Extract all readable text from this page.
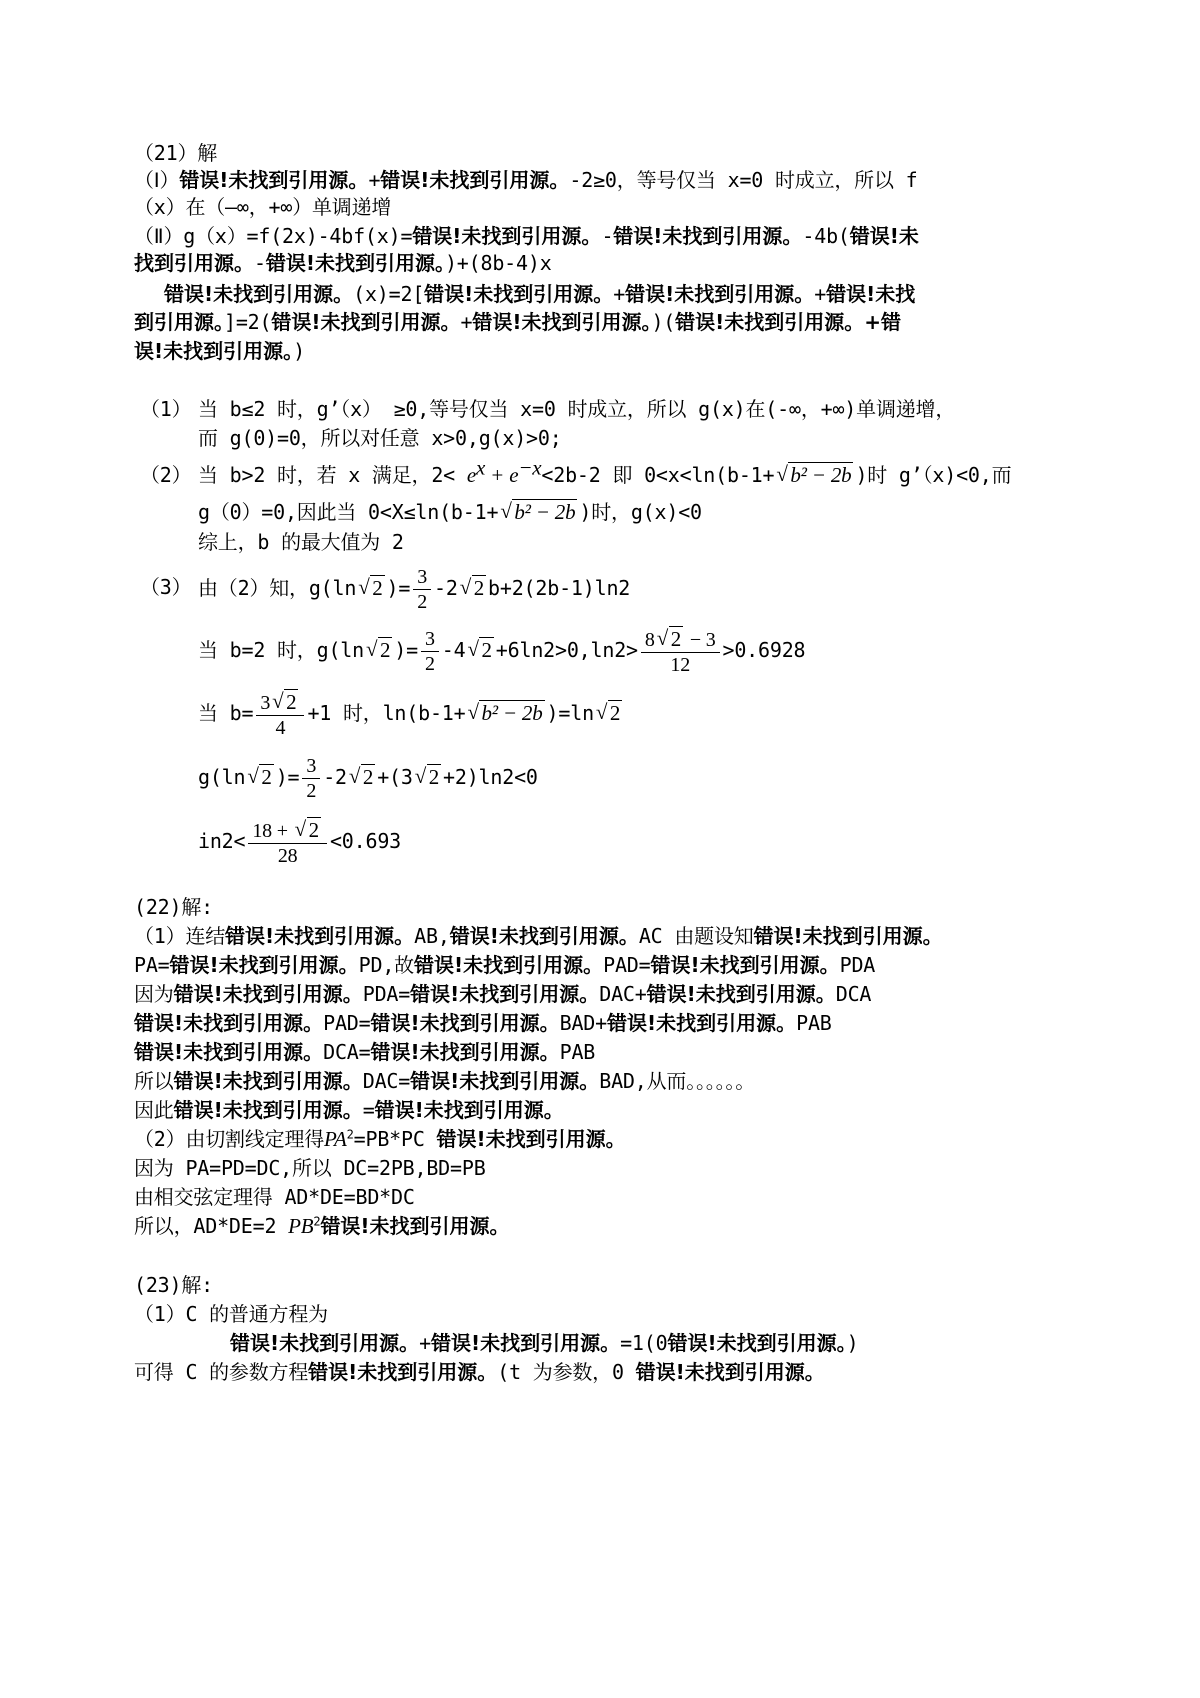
（21）解
（Ⅰ）错误!未找到引用源。+错误!未找到引用源。-2≥0，等号仅当 x=0 时成立，所以 f
（x）在（—∞，+∞）单调递增
（Ⅱ）g（x）=f(2x)-4bf(x)=错误!未找到引用源。-错误!未找到引用源。-4b(错误!未
找到引用源。-错误!未找到引用源。)+(8b-4)x
错误!未找到引用源。(x)=2[错误!未找到引用源。+错误!未找到引用源。+错误!未找
到引用源。]=2(错误!未找到引用源。+错误!未找到引用源。)(错误!未找到引用源。+错
误!未找到引用源。)
（1） 当 b≤2 时，g’（x） ≥0,等号仅当 x=0 时成立，所以 g(x)在(-∞，+∞)单调递增，
而 g(0)=0，所以对任意 x>0,g(x)>0;
（2） 当 b>2 时，若 x 满足，$2< e^x + e^{-x}<2b-2$ 即 0<x<ln(b-1+√ b² − 2b )时 g’（x)<0,而
g（0）=0,因此当 0<X≤ln(b-1+√ b² − 2b )时，g(x)<0
综上，b 的最大值为 2
（3） 由（2）知，g(ln√ 2 )= $\frac{3}{2} -2√$ 2 b+2(2b-1)ln2
当 b=2 时，g(ln√ 2 )= $\frac{3}{2} -4√$ $2 +6\ln 2>0,\ln 2> \frac{8√ 2 - 3}{12} >0.6928$
当 $b= \frac{3√ 2}{4} +1$ 时，ln(b-1+√ b² − 2b )=ln√ 2
g(ln√ 2 )= $\frac{3}{2} -2√$ 2 +(3√ 2 +2)ln2<0
$in2< \frac{18 + √ 2}{28} <0.693$
(22)解:
（1）连结错误!未找到引用源。AB,错误!未找到引用源。AC 由题设知错误!未找到引用源。
PA=错误!未找到引用源。PD,故错误!未找到引用源。PAD=错误!未找到引用源。PDA
因为错误!未找到引用源。PDA=错误!未找到引用源。DAC+错误!未找到引用源。DCA
错误!未找到引用源。PAD=错误!未找到引用源。BAD+错误!未找到引用源。PAB
错误!未找到引用源。DCA=错误!未找到引用源。PAB
所以错误!未找到引用源。DAC=错误!未找到引用源。BAD,从而。。。。。。
因此错误!未找到引用源。=错误!未找到引用源。
（2）由切割线定理得$PA^2=PB*PC$ 错误!未找到引用源。
因为 PA=PD=DC,所以 DC=2PB,BD=PB
由相交弦定理得 AD*DE=BD*DC
所以，AD*DE=2 $PB^2$错误!未找到引用源。
(23)解:
（1）C 的普通方程为
错误!未找到引用源。+错误!未找到引用源。=1(0错误!未找到引用源。)
可得 C 的参数方程错误!未找到引用源。(t 为参数，0 错误!未找到引用源。
